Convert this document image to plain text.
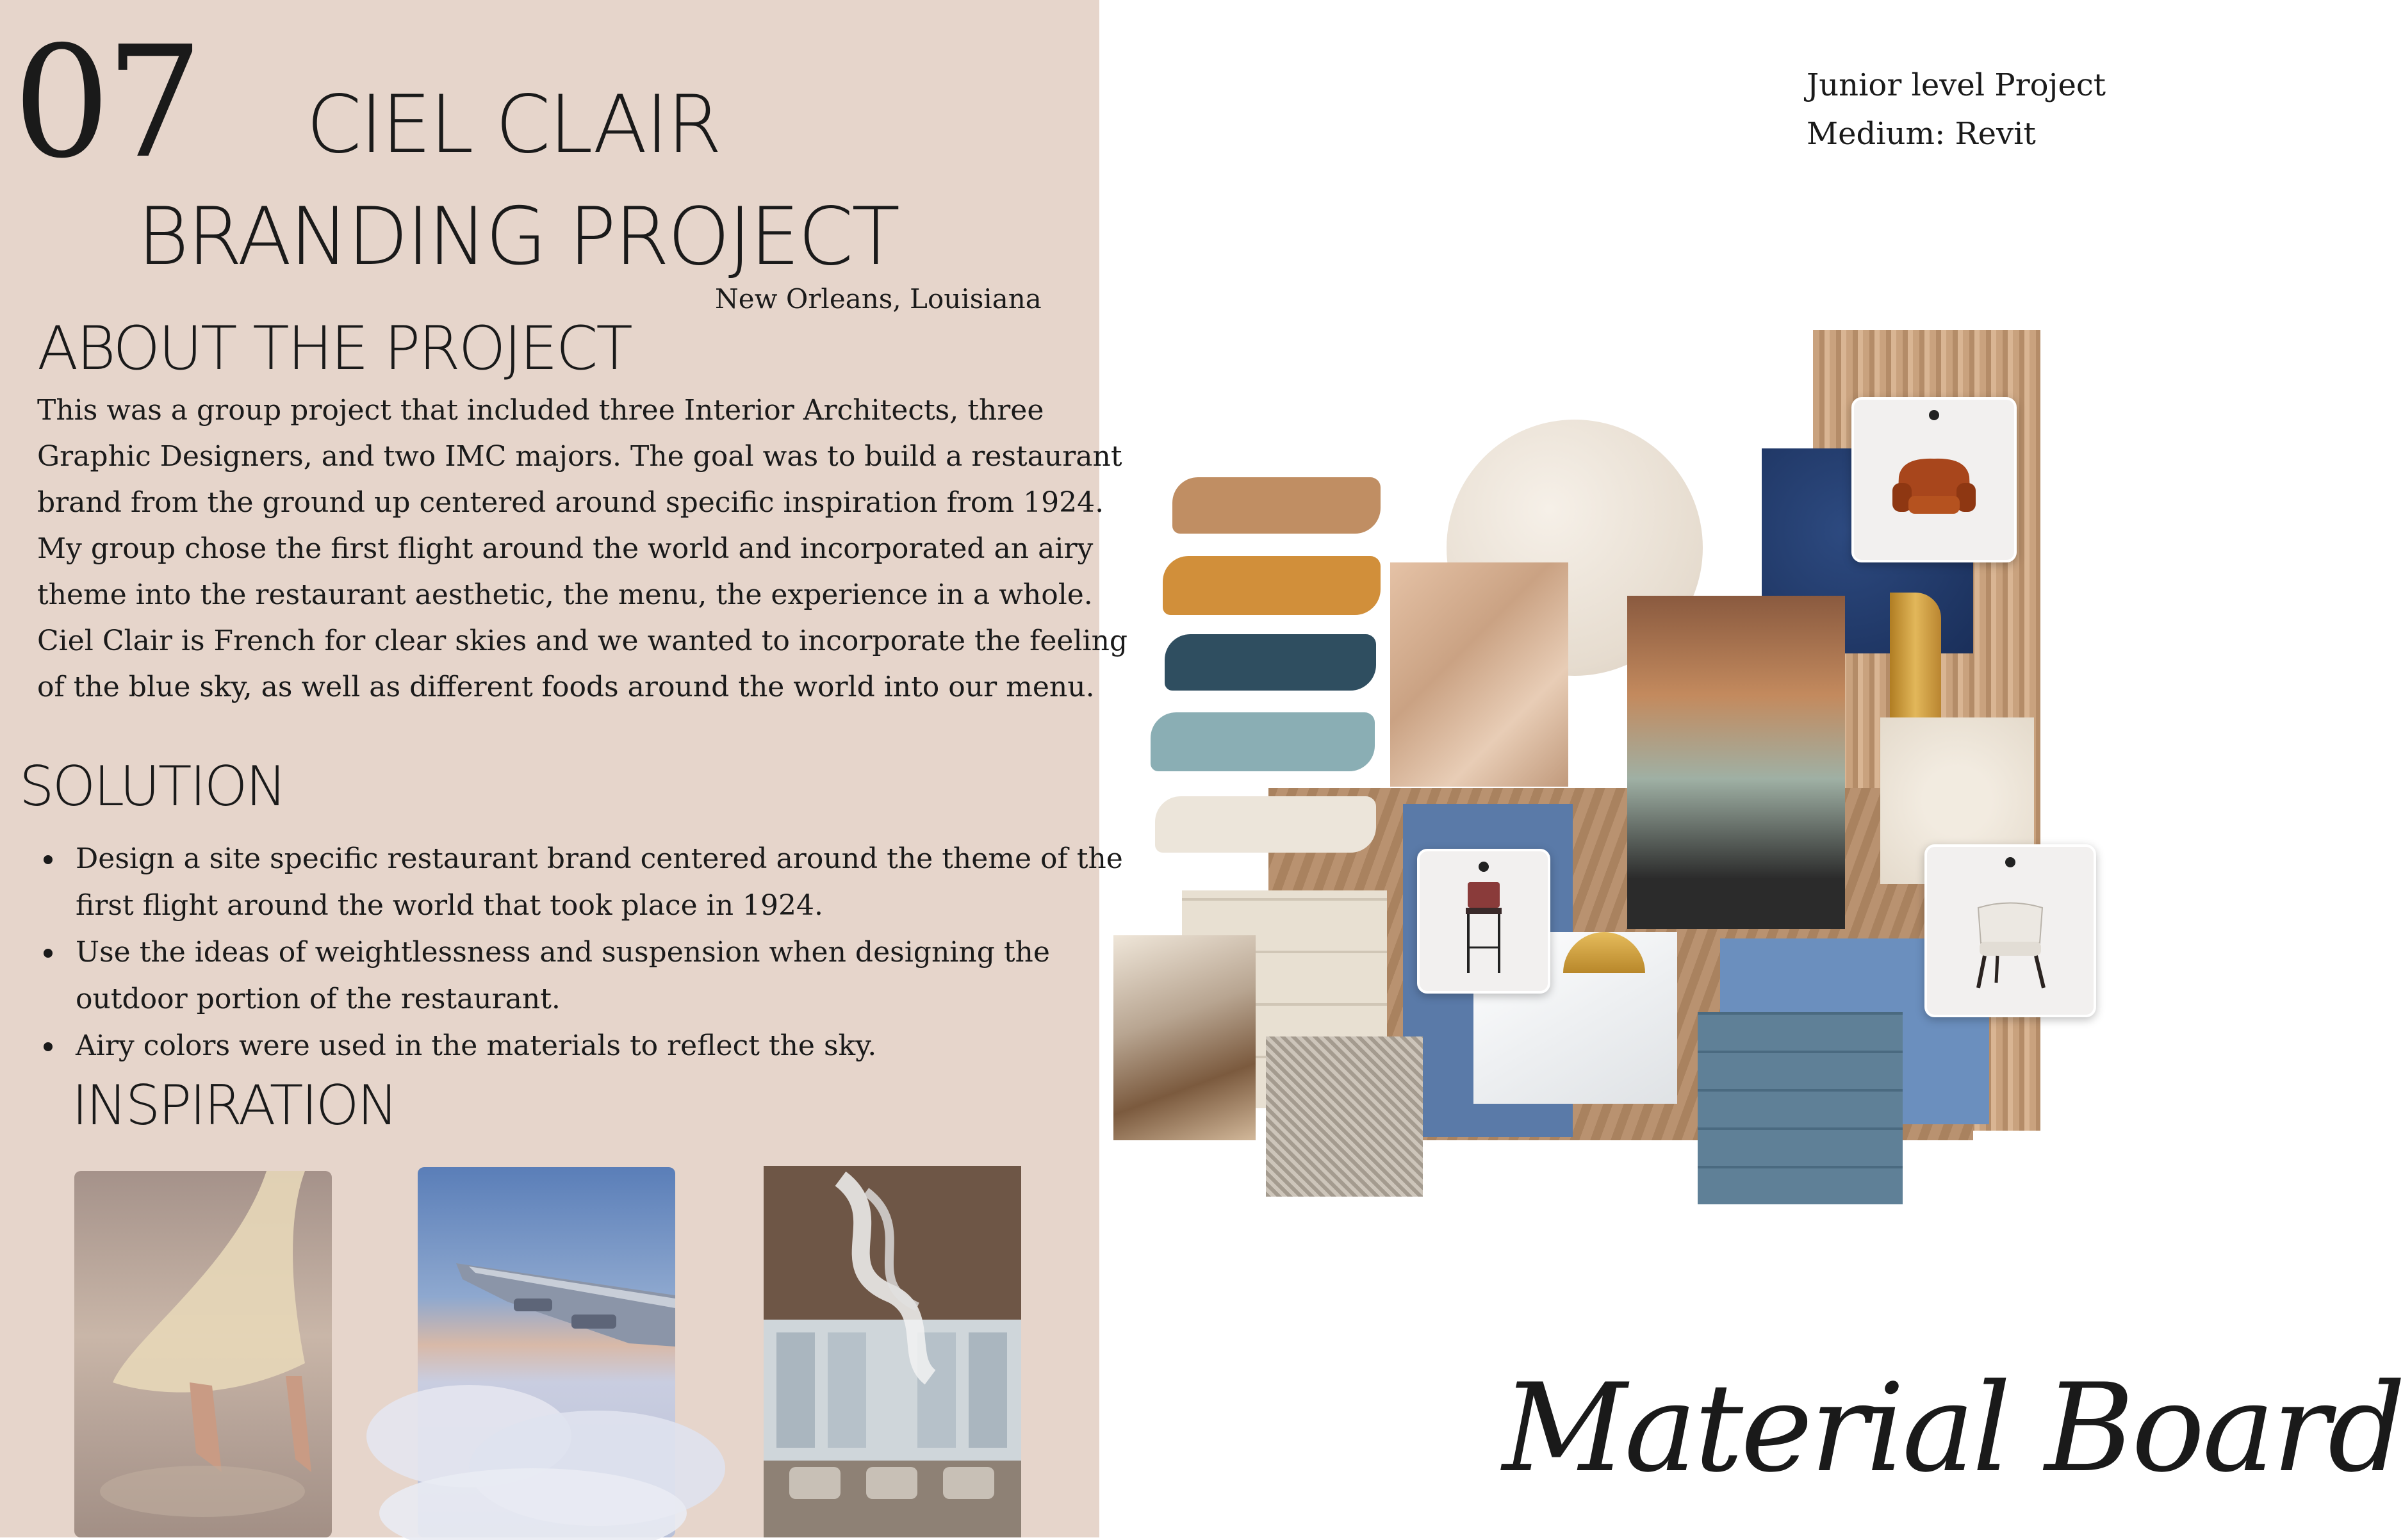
07 CIEL CLAIR
BRANDING PROJECT
New Orleans, Louisiana
ABOUT THE PROJECT
This was a group project that included three Interior Architects, three
Graphic Designers, and two IMC majors. The goal was to build a restaurant
brand from the ground up centered around specific inspiration from 1924.
My group chose the first flight around the world and incorporated an airy
theme into the restaurant aesthetic, the menu, the experience in a whole.
Ciel Clair is French for clear skies and we wanted to incorporate the feeling
of the blue sky, as well as different foods around the world into our menu.
SOLUTION
Design a site specific restaurant brand centered around the theme of the
first flight around the world that took place in 1924.
Use the ideas of weightlessness and suspension when designing the
outdoor portion of the restaurant.
Airy colors were used in the materials to reflect the sky.
INSPIRATION
Junior level Project
Medium: Revit
Material Board
